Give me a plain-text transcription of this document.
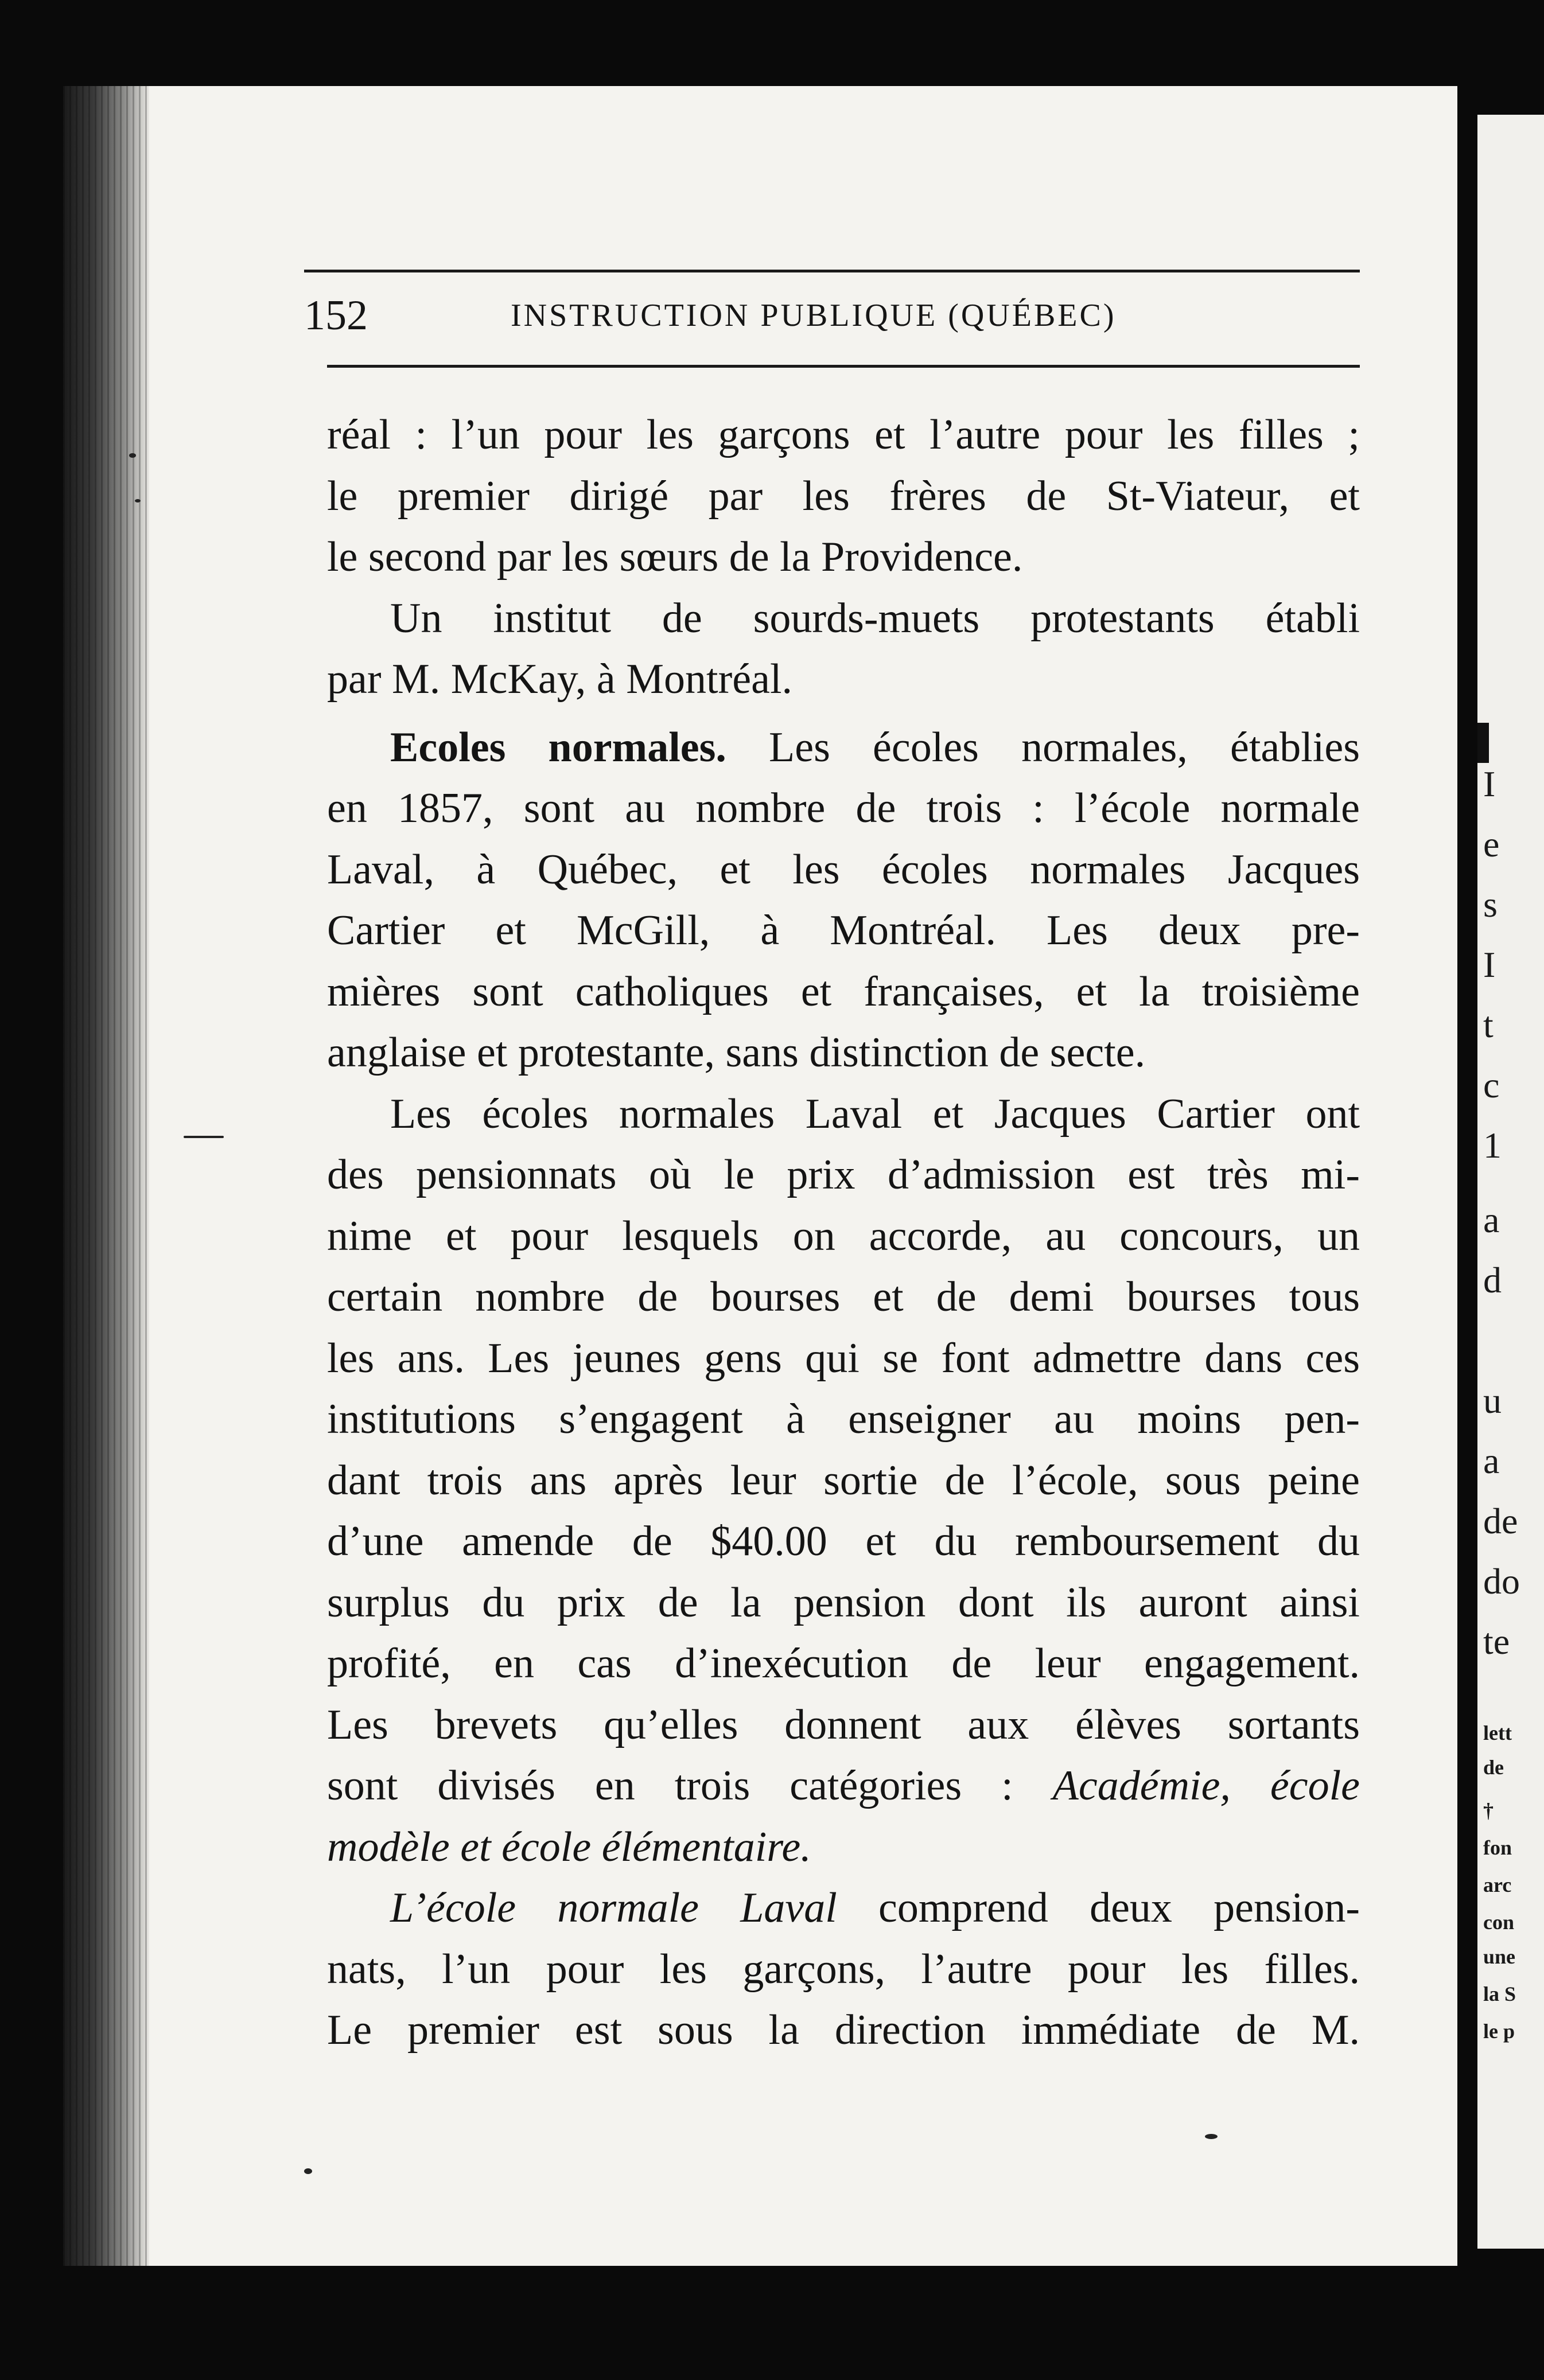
I
e
s
I
t
c
1
a
d
u
a
de
do
te
lett
de
†
fon
arc
con
une
la S
le p
152	INSTRUCTION PUBLIQUE (QUÉBEC)
réal : l’un pour les garçons et l’autre pour les filles ;
le premier dirigé par les frères de St-Viateur, et
le second par les sœurs de la Providence.
Un institut de sourds-muets protestants établi
par M. McKay, à Montréal.
Ecoles normales. Les écoles normales, établies
en 1857, sont au nombre de trois : l’école normale
Laval, à Québec, et les écoles normales Jacques
Cartier et McGill, à Montréal. Les deux pre-
mières sont catholiques et françaises, et la troisième
anglaise et protestante, sans distinction de secte.
Les écoles normales Laval et Jacques Cartier ont
des pensionnats où le prix d’admission est très mi-
nime et pour lesquels on accorde, au concours, un
certain nombre de bourses et de demi bourses tous
les ans. Les jeunes gens qui se font admettre dans ces
institutions s’engagent à enseigner au moins pen-
dant trois ans après leur sortie de l’école, sous peine
d’une amende de $40.00 et du remboursement du
surplus du prix de la pension dont ils auront ainsi
profité, en cas d’inexécution de leur engagement.
Les brevets qu’elles donnent aux élèves sortants
sont divisés en trois catégories : Académie, école
modèle et école élémentaire.
L’école normale Laval comprend deux pension-
nats, l’un pour les garçons, l’autre pour les filles.
Le premier est sous la direction immédiate de M.
